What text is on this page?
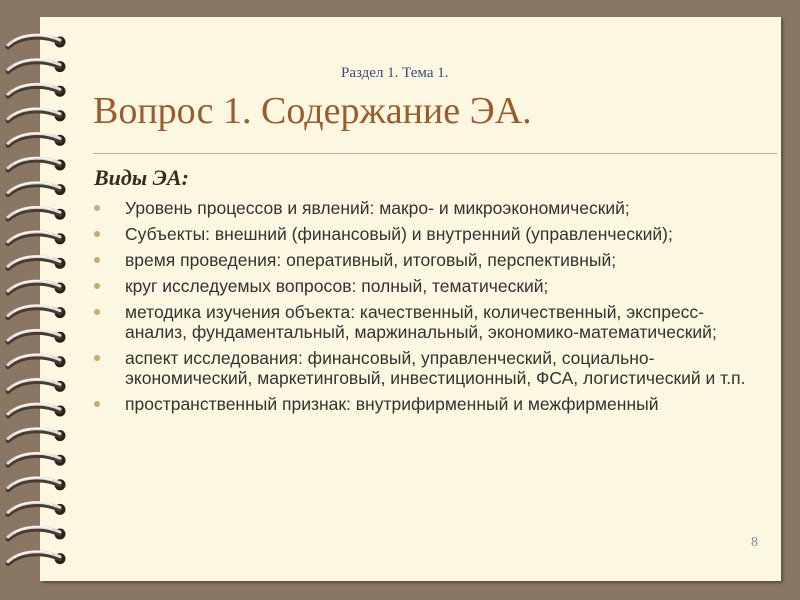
Раздел 1. Тема 1.
Вопрос 1. Содержание ЭА.
Виды ЭА:
Уровень процессов и явлений: макро- и микроэкономический;
Субъекты: внешний (финансовый) и внутренний (управленческий);
время проведения: оперативный, итоговый, перспективный;
круг исследуемых вопросов: полный, тематический;
методика изучения объекта: качественный, количественный, экспресс-анализ, фундаментальный, маржинальный, экономико-математический;
аспект исследования: финансовый, управленческий, социально-экономический, маркетинговый, инвестиционный, ФСА, логистический и т.п.
пространственный признак: внутрифирменный и межфирменный
8
